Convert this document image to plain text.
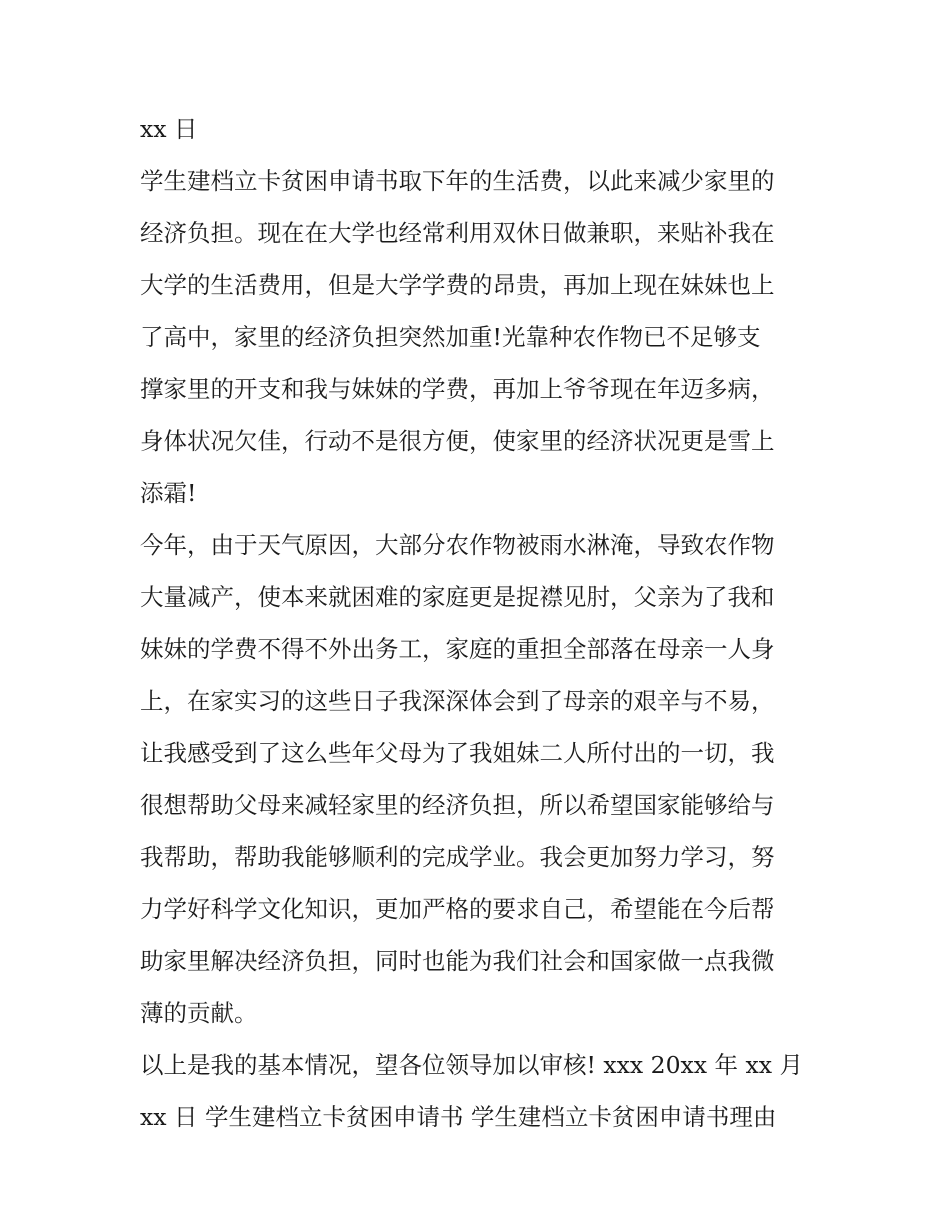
xx 日
学生建档立卡贫困申请书取下年的生活费，以此来减少家里的
经济负担。现在在大学也经常利用双休日做兼职，来贴补我在
大学的生活费用，但是大学学费的昂贵，再加上现在妹妹也上
了高中，家里的经济负担突然加重!光靠种农作物已不足够支
撑家里的开支和我与妹妹的学费，再加上爷爷现在年迈多病，
身体状况欠佳，行动不是很方便，使家里的经济状况更是雪上
添霜!
今年，由于天气原因，大部分农作物被雨水淋淹，导致农作物
大量减产，使本来就困难的家庭更是捉襟见肘，父亲为了我和
妹妹的学费不得不外出务工，家庭的重担全部落在母亲一人身
上，在家实习的这些日子我深深体会到了母亲的艰辛与不易，
让我感受到了这么些年父母为了我姐妹二人所付出的一切，我
很想帮助父母来减轻家里的经济负担，所以希望国家能够给与
我帮助，帮助我能够顺利的完成学业。我会更加努力学习，努
力学好科学文化知识，更加严格的要求自己，希望能在今后帮
助家里解决经济负担，同时也能为我们社会和国家做一点我微
薄的贡献。
以上是我的基本情况，望各位领导加以审核! xxx 20xx 年 xx 月
xx 日 学生建档立卡贫困申请书 学生建档立卡贫困申请书理由
